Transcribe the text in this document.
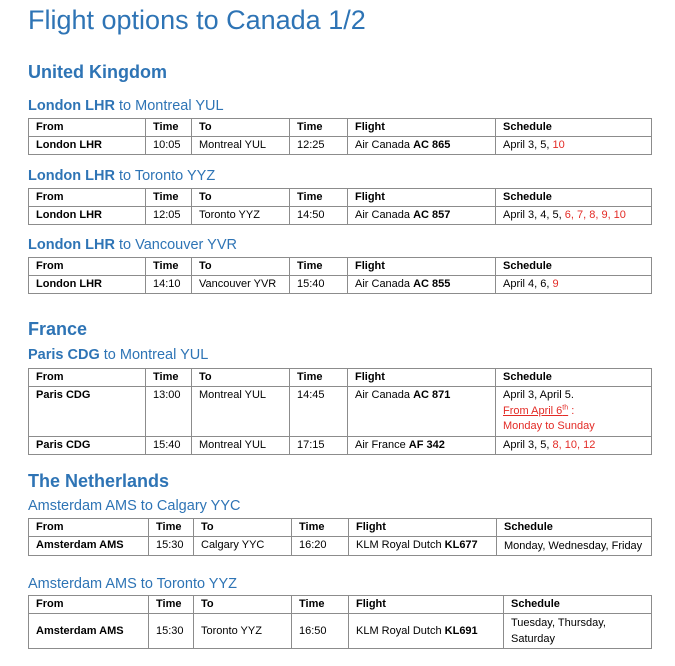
Flight options to Canada 1/2
United Kingdom
London LHR to Montreal YUL
From	Time	To	Time	Flight	Schedule
London LHR	10:05	Montreal YUL	12:25	Air Canada AC 865	April 3, 5, 10
London LHR to Toronto YYZ
From	Time	To	Time	Flight	Schedule
London LHR	12:05	Toronto YYZ	14:50	Air Canada AC 857	April 3, 4, 5, 6, 7, 8, 9, 10
London LHR to Vancouver YVR
From	Time	To	Time	Flight	Schedule
London LHR	14:10	Vancouver YVR	15:40	Air Canada AC 855	April 4, 6, 9
France
Paris CDG to Montreal YUL
From	Time	To	Time	Flight	Schedule
Paris CDG	13:00	Montreal YUL	14:45	Air Canada AC 871	April 3, April 5.
From April 6th :
Monday to Sunday

Paris CDG	15:40	Montreal YUL	17:15	Air France AF 342	April 3, 5, 8, 10, 12
The Netherlands
Amsterdam AMS to Calgary YYC
From	Time	To	Time	Flight	Schedule
Amsterdam AMS	15:30	Calgary YYC	16:20	KLM Royal Dutch KL677	Monday, Wednesday, Friday
Amsterdam AMS to Toronto YYZ
From	Time	To	Time	Flight	Schedule
Amsterdam AMS	15:30	Toronto YYZ	16:50	KLM Royal Dutch KL691	Tuesday, Thursday, Saturday
